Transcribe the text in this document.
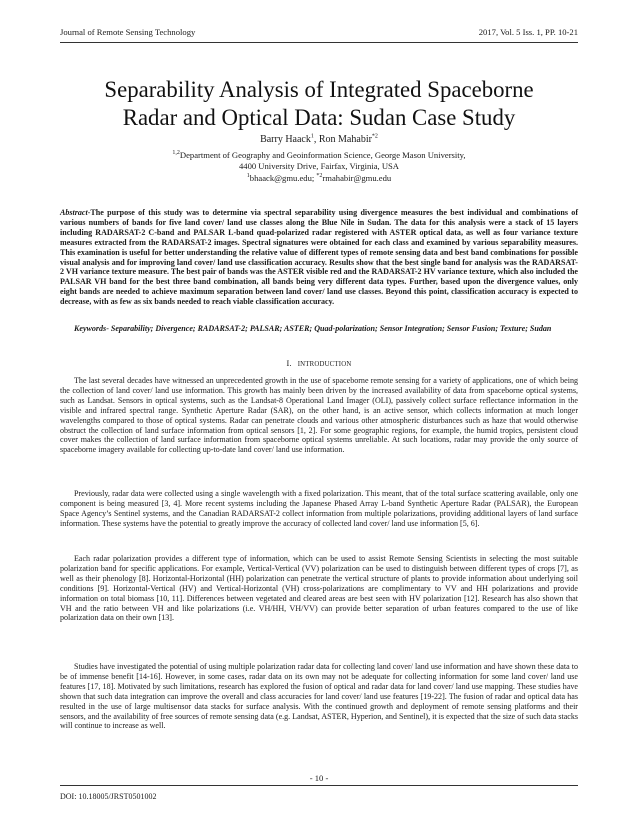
Journal of Remote Sensing Technology	2017, Vol. 5 Iss. 1, PP. 10-21
Separability Analysis of Integrated Spaceborne
Radar and Optical Data: Sudan Case Study
Barry Haack$^1$, Ron Mahabir$^{*2}$
$^{1,2}$Department of Geography and Geoinformation Science, George Mason University,
4400 University Drive, Fairfax, Virginia, USA
$^1$bhaack@gmu.edu; $^{*2}$rmahabir@gmu.edu
Abstract-The purpose of this study was to determine via spectral separability using divergence measures the best individual and combinations of various numbers of bands for five land cover/ land use classes along the Blue Nile in Sudan. The data for this analysis were a stack of 15 layers including RADARSAT-2 C-band and PALSAR L-band quad-polarized radar registered with ASTER optical data, as well as four variance texture measures extracted from the RADARSAT-2 images. Spectral signatures were obtained for each class and examined by various separability measures. This examination is useful for better understanding the relative value of different types of remote sensing data and best band combinations for possible visual analysis and for improving land cover/ land use classification accuracy. Results show that the best single band for analysis was the RADARSAT-2 VH variance texture measure. The best pair of bands was the ASTER visible red and the RADARSAT-2 HV variance texture, which also included the PALSAR VH band for the best three band combination, all bands being very different data types. Further, based upon the divergence values, only eight bands are needed to achieve maximum separation between land cover/ land use classes. Beyond this point, classification accuracy is expected to decrease, with as few as six bands needed to reach viable classification accuracy.
Keywords- Separability; Divergence; RADARSAT-2; PALSAR; ASTER; Quad-polarization; Sensor Integration; Sensor Fusion; Texture; Sudan
I. INTRODUCTION
The last several decades have witnessed an unprecedented growth in the use of spaceborne remote sensing for a variety of applications, one of which being the collection of land cover/ land use information. This growth has mainly been driven by the increased availability of data from spaceborne optical systems, such as Landsat. Sensors in optical systems, such as the Landsat-8 Operational Land Imager (OLI), passively collect surface reflectance information in the visible and infrared spectral range. Synthetic Aperture Radar (SAR), on the other hand, is an active sensor, which collects information at much longer wavelengths compared to those of optical systems. Radar can penetrate clouds and various other atmospheric disturbances such as haze that would otherwise obstruct the collection of land surface information from optical sensors [1, 2]. For some geographic regions, for example, the humid tropics, persistent cloud cover makes the collection of land surface information from spaceborne optical systems unreliable. At such locations, radar may provide the only source of spaceborne imagery available for collecting up-to-date land cover/ land use information.
Previously, radar data were collected using a single wavelength with a fixed polarization. This meant, that of the total surface scattering available, only one component is being measured [3, 4]. More recent systems including the Japanese Phased Array L-band Synthetic Aperture Radar (PALSAR), the European Space Agency’s Sentinel systems, and the Canadian RADARSAT-2 collect information from multiple polarizations, providing additional layers of land surface information. These systems have the potential to greatly improve the accuracy of collected land cover/ land use information [5, 6].
Each radar polarization provides a different type of information, which can be used to assist Remote Sensing Scientists in selecting the most suitable polarization band for specific applications. For example, Vertical-Vertical (VV) polarization can be used to distinguish between different types of crops [7], as well as their phenology [8]. Horizontal-Horizontal (HH) polarization can penetrate the vertical structure of plants to provide information about underlying soil conditions [9]. Horizontal-Vertical (HV) and Vertical-Horizontal (VH) cross-polarizations are complimentary to VV and HH polarizations and provide information on total biomass [10, 11]. Differences between vegetated and cleared areas are best seen with HV polarization [12]. Research has also shown that VH and the ratio between VH and like polarizations (i.e. VH/HH, VH/VV) can provide better separation of urban features compared to the use of like polarization data on their own [13].
Studies have investigated the potential of using multiple polarization radar data for collecting land cover/ land use information and have shown these data to be of immense benefit [14-16]. However, in some cases, radar data on its own may not be adequate for collecting information for some land cover/ land use features [17, 18]. Motivated by such limitations, research has explored the fusion of optical and radar data for land cover/ land use mapping. These studies have shown that such data integration can improve the overall and class accuracies for land cover/ land use features [19-22]. The fusion of radar and optical data has resulted in the use of large multisensor data stacks for surface analysis. With the continued growth and deployment of remote sensing platforms and their sensors, and the availability of free sources of remote sensing data (e.g. Landsat, ASTER, Hyperion, and Sentinel), it is expected that the size of such data stacks will continue to increase as well.
- 10 -
DOI: 10.18005/JRST0501002
